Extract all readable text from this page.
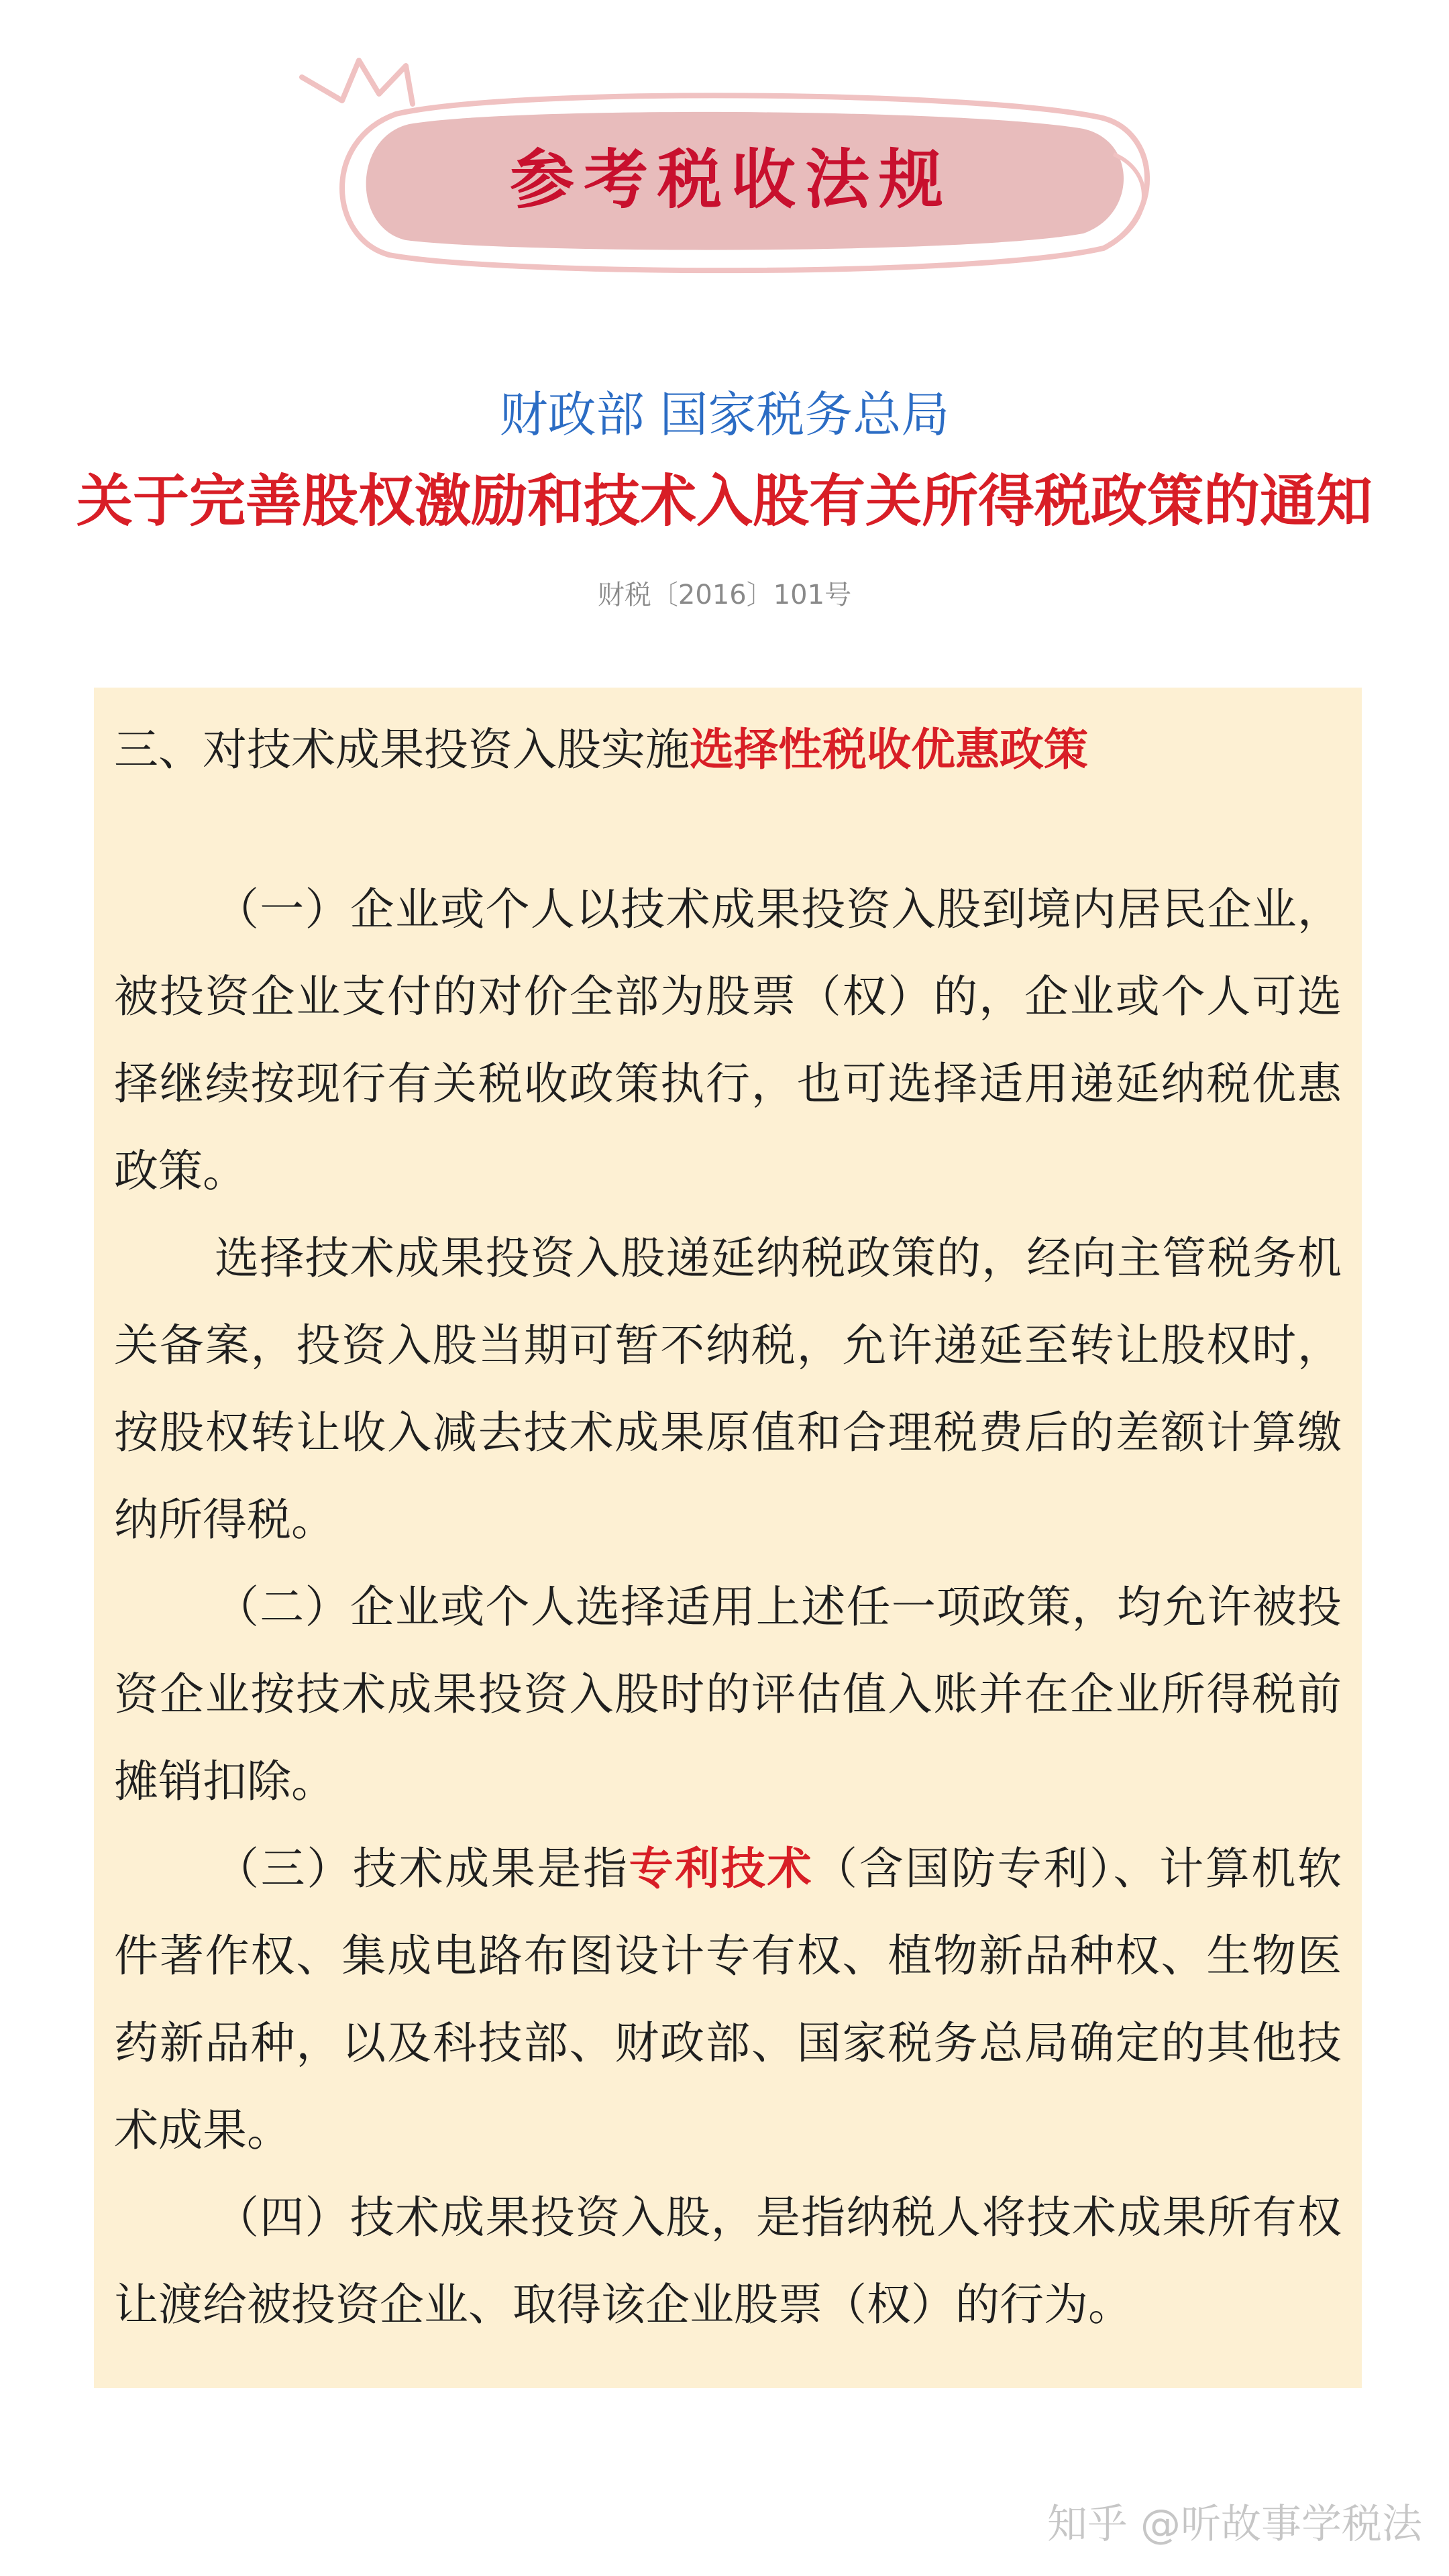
参考税收法规
财政部 国家税务总局
关于完善股权激励和技术入股有关所得税政策的通知
财税〔2016〕101号
三、对技术成果投资入股实施选择性税收优惠政策

（一）企业或个人以技术成果投资入股到境内居民企业，被投资企业支付的对价全部为股票（权）的，企业或个人可选择继续按现行有关税收政策执行，也可选择适用递延纳税优惠政策。

选择技术成果投资入股递延纳税政策的，经向主管税务机关备案，投资入股当期可暂不纳税，允许递延至转让股权时，按股权转让收入减去技术成果原值和合理税费后的差额计算缴纳所得税。

（二）企业或个人选择适用上述任一项政策，均允许被投资企业按技术成果投资入股时的评估值入账并在企业所得税前摊销扣除。

（三）技术成果是指专利技术（含国防专利）、计算机软件著作权、集成电路布图设计专有权、植物新品种权、生物医药新品种，以及科技部、财政部、国家税务总局确定的其他技术成果。

（四）技术成果投资入股，是指纳税人将技术成果所有权让渡给被投资企业、取得该企业股票（权）的行为。

知乎 @听故事学税法
